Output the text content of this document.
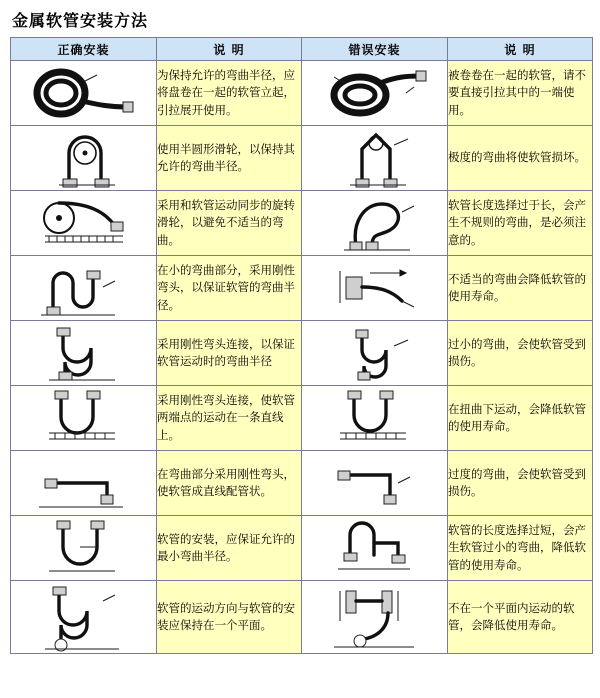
金属软管安装方法
正确安装	说 明	错误安装	说 明

	为保持允许的弯曲半径，应将盘卷在一起的软管立起，引拉展开使用。		被卷卷在一起的软管，请不要直接引拉其中的一端使用。

	使用半圆形滑轮，以保持其允许的弯曲半径。		极度的弯曲将使软管损坏。

	采用和软管运动同步的旋转滑轮，以避免不适当的弯曲。		软管长度选择过于长，会产生不规则的弯曲，是必须注意的。

	在小的弯曲部分，采用刚性弯头，以保证软管的弯曲半径。		不适当的弯曲会降低软管的使用寿命。

	采用刚性弯头连接，以保证软管运动时的弯曲半径		过小的弯曲，会使软管受到损伤。

	采用刚性弯头连接，使软管两端点的运动在一条直线上。		在扭曲下运动，会降低软管的使用寿命。

	在弯曲部分采用刚性弯头，使软管成直线配管状。		过度的弯曲，会使软管受到损伤。

	软管的安装，应保证允许的最小弯曲半径。		软管的长度选择过短，会产生软管过小的弯曲，降低软管的使用寿命。

	软管的运动方向与软管的安装应保持在一个平面。		不在一个平面内运动的软管，会降低使用寿命。
